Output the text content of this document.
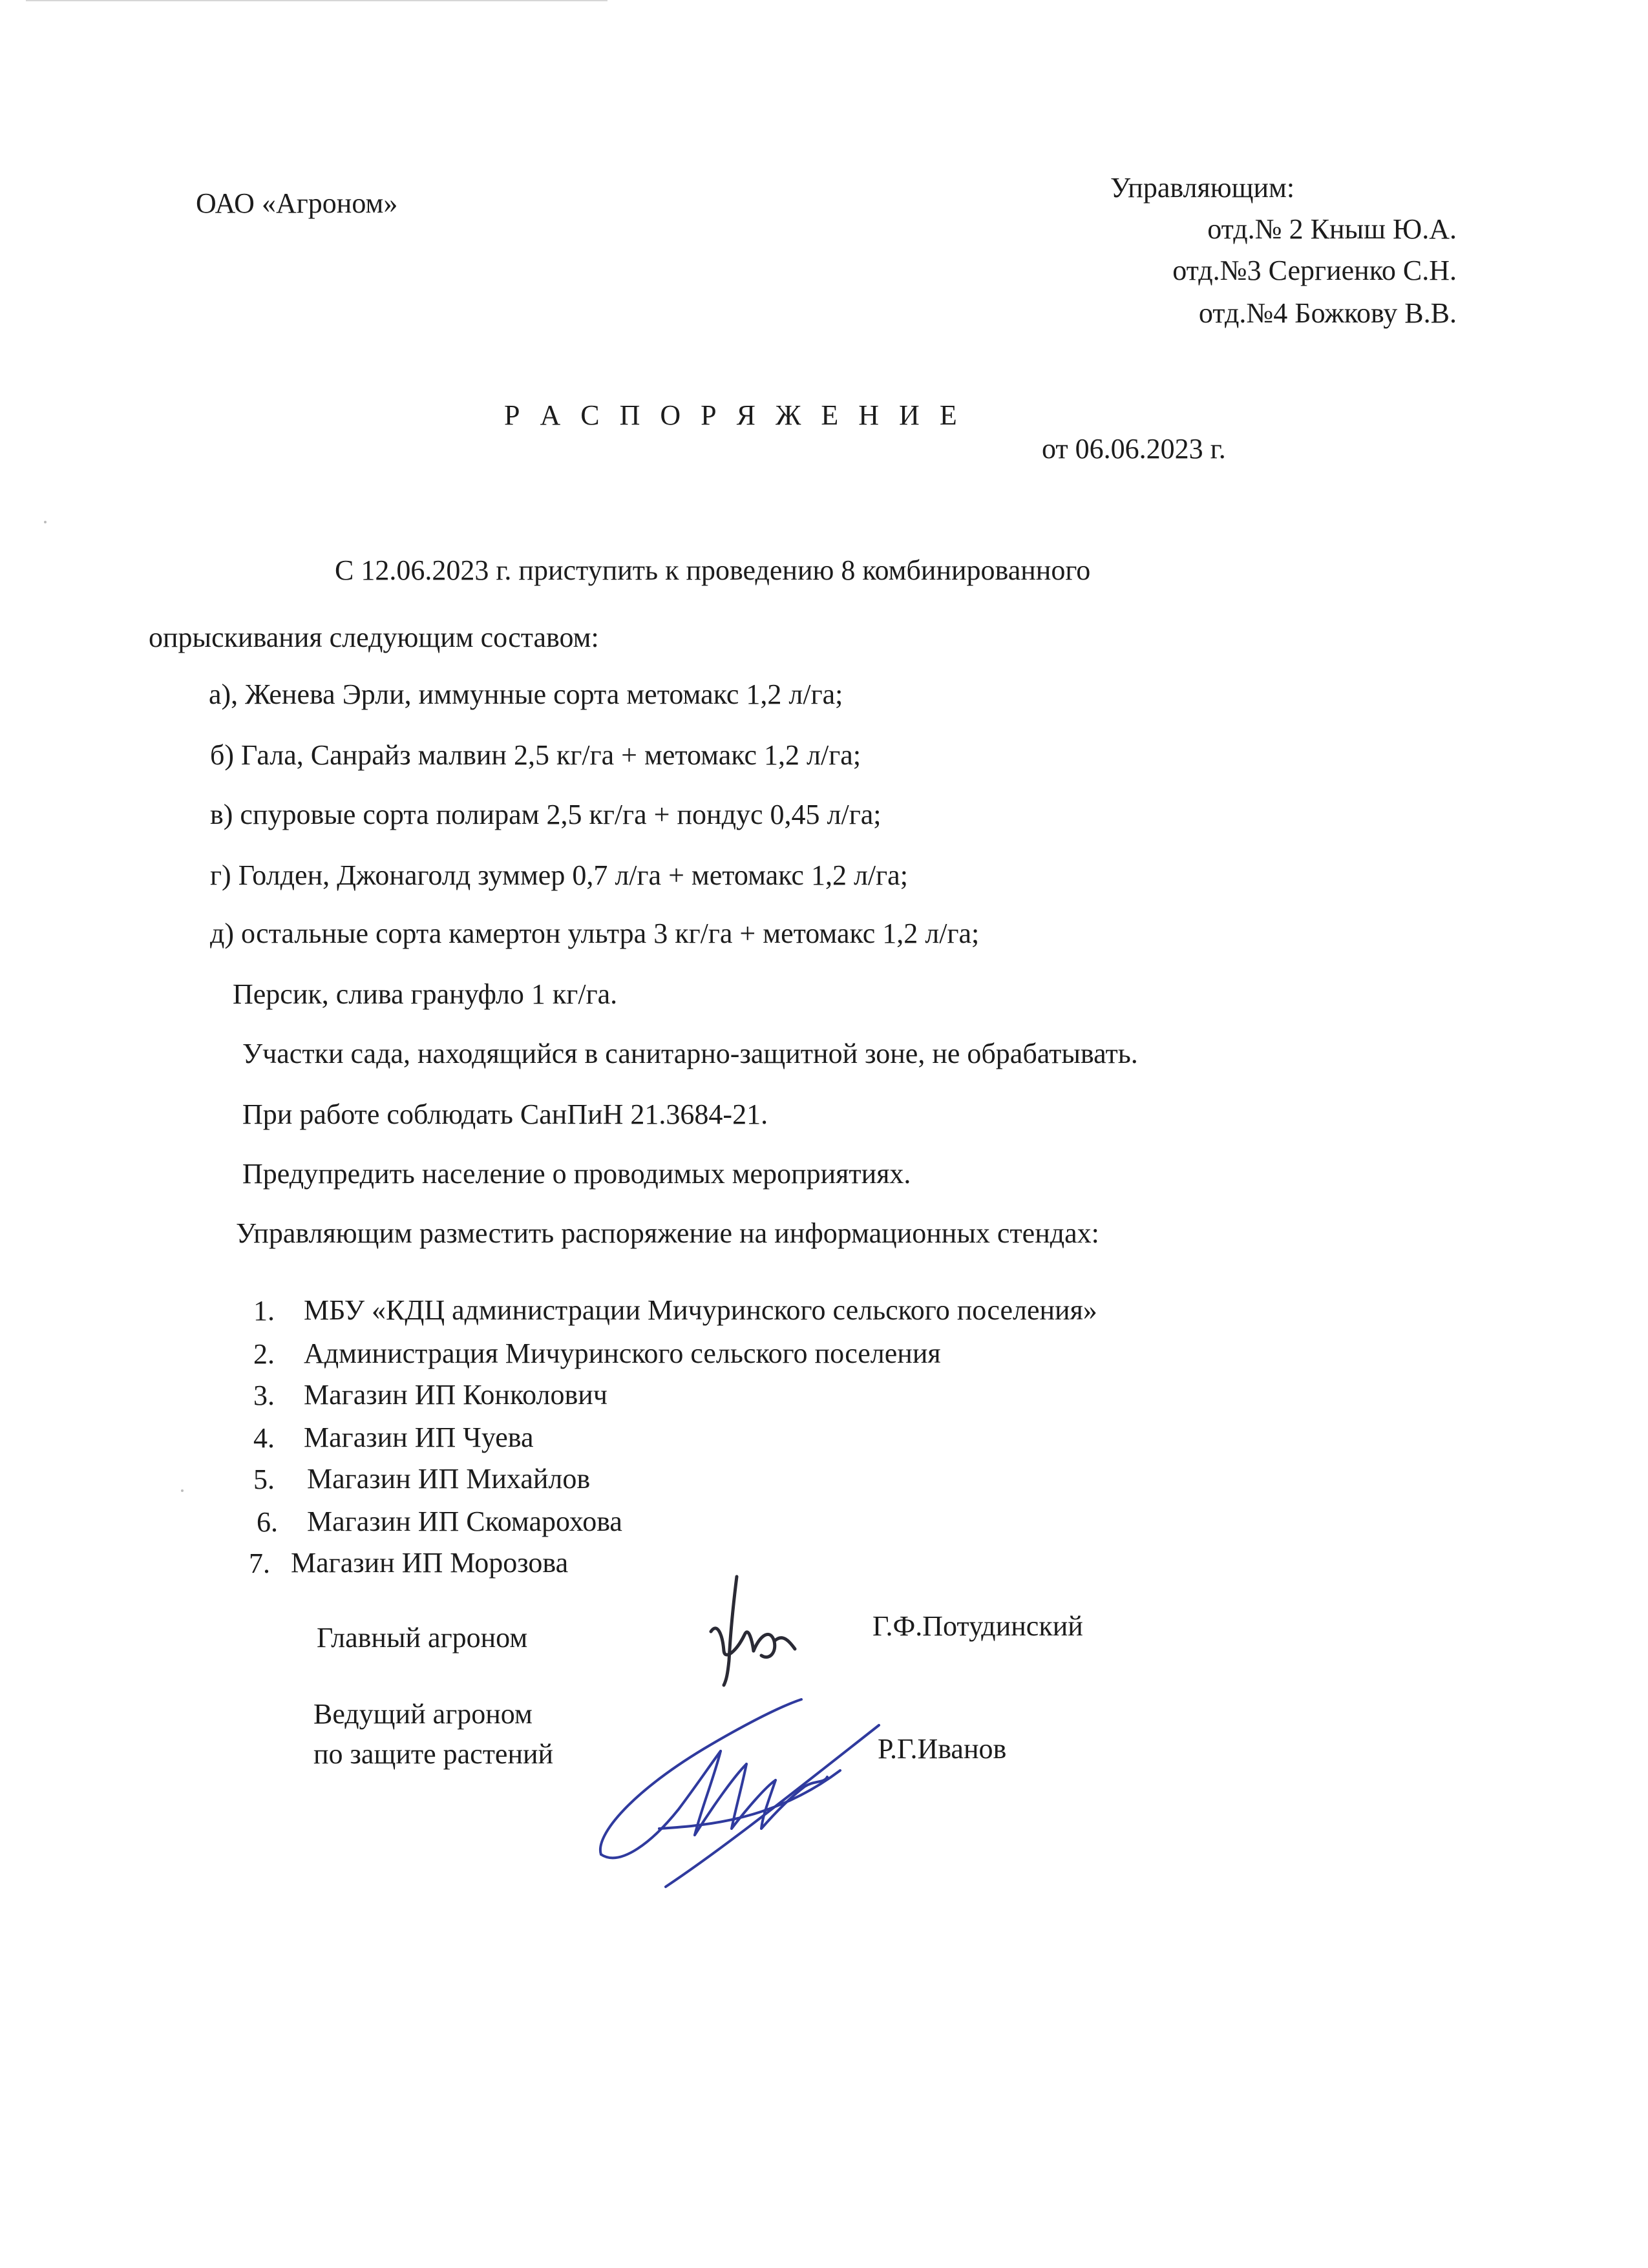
ОАО «Агроном»	Управляющим:
отд.№ 2 Кныш Ю.А.
отд.№3 Сергиенко С.Н.
отд.№4 Божкову В.В.
Р А С П О Р Я Ж Е Н И Е
от 06.06.2023 г.
С 12.06.2023 г. приступить к проведению 8 комбинированного
опрыскивания следующим составом:
а), Женева Эрли, иммунные сорта метомакс 1,2 л/га;
б) Гала, Санрайз малвин 2,5 кг/га + метомакс 1,2 л/га;
в) спуровые сорта полирам 2,5 кг/га + пондус 0,45 л/га;
г) Голден, Джонаголд зуммер 0,7 л/га + метомакс 1,2 л/га;
д) остальные сорта камертон ультра 3 кг/га + метомакс 1,2 л/га;
Персик, слива грануфло 1 кг/га.
Участки сада, находящийся в санитарно-защитной зоне, не обрабатывать.
При работе соблюдать СанПиН 21.3684-21.
Предупредить население о проводимых мероприятиях.
Управляющим разместить распоряжение на информационных стендах:
1. МБУ «КДЦ администрации Мичуринского сельского поселения»
2. Администрация Мичуринского сельского поселения
3. Магазин ИП Конколович
4. Магазин ИП Чуева
5. Магазин ИП Михайлов
6. Магазин ИП Скомарохова
7. Магазин ИП Морозова
Главный агроном	Г.Ф.Потудинский
Ведущий агроном
по защите растений	Р.Г.Иванов
